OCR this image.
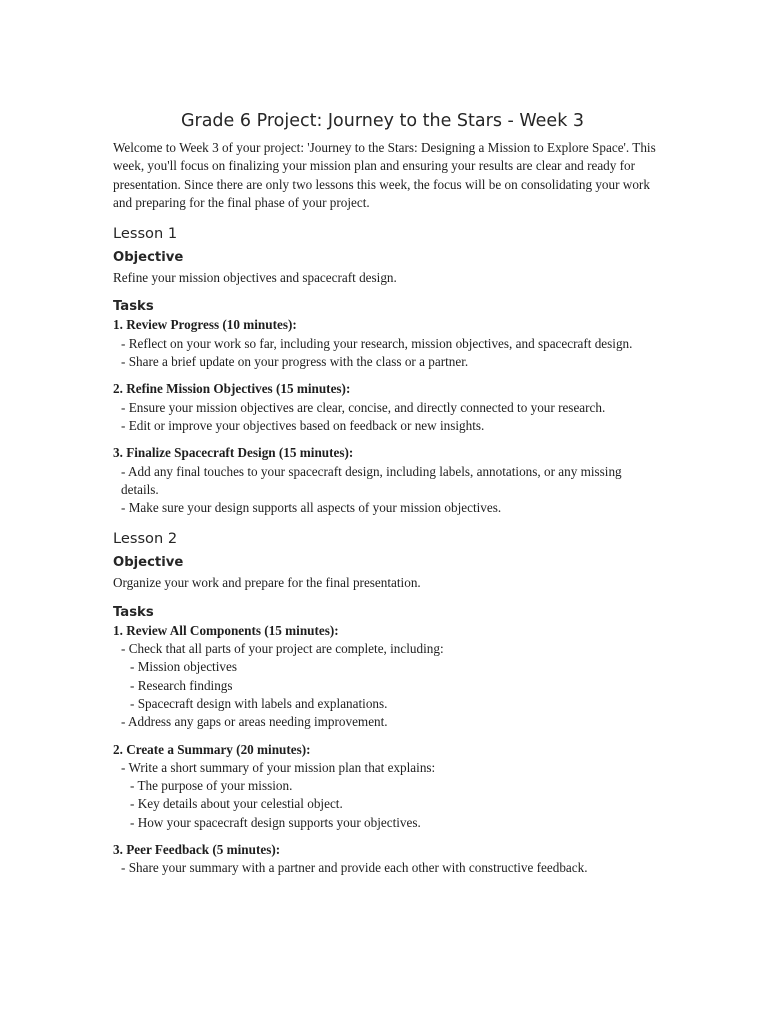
Grade 6 Project: Journey to the Stars - Week 3

Welcome to Week 3 of your project: 'Journey to the Stars: Designing a Mission to Explore Space'. This week, you'll focus on finalizing your mission plan and ensuring your results are clear and ready for presentation. Since there are only two lessons this week, the focus will be on consolidating your work and preparing for the final phase of your project.

Lesson 1
Objective

Refine your mission objectives and spacecraft design.

Tasks

1. Review Progress (10 minutes):

- Reflect on your work so far, including your research, mission objectives, and spacecraft design.

- Share a brief update on your progress with the class or a partner.

2. Refine Mission Objectives (15 minutes):

- Ensure your mission objectives are clear, concise, and directly connected to your research.

- Edit or improve your objectives based on feedback or new insights.

3. Finalize Spacecraft Design (15 minutes):

- Add any final touches to your spacecraft design, including labels, annotations, or any missing details.

- Make sure your design supports all aspects of your mission objectives.

Lesson 2
Objective

Organize your work and prepare for the final presentation.

Tasks

1. Review All Components (15 minutes):

- Check that all parts of your project are complete, including:

- Mission objectives

- Research findings

- Spacecraft design with labels and explanations.

- Address any gaps or areas needing improvement.

2. Create a Summary (20 minutes):

- Write a short summary of your mission plan that explains:

- The purpose of your mission.

- Key details about your celestial object.

- How your spacecraft design supports your objectives.

3. Peer Feedback (5 minutes):

- Share your summary with a partner and provide each other with constructive feedback.
